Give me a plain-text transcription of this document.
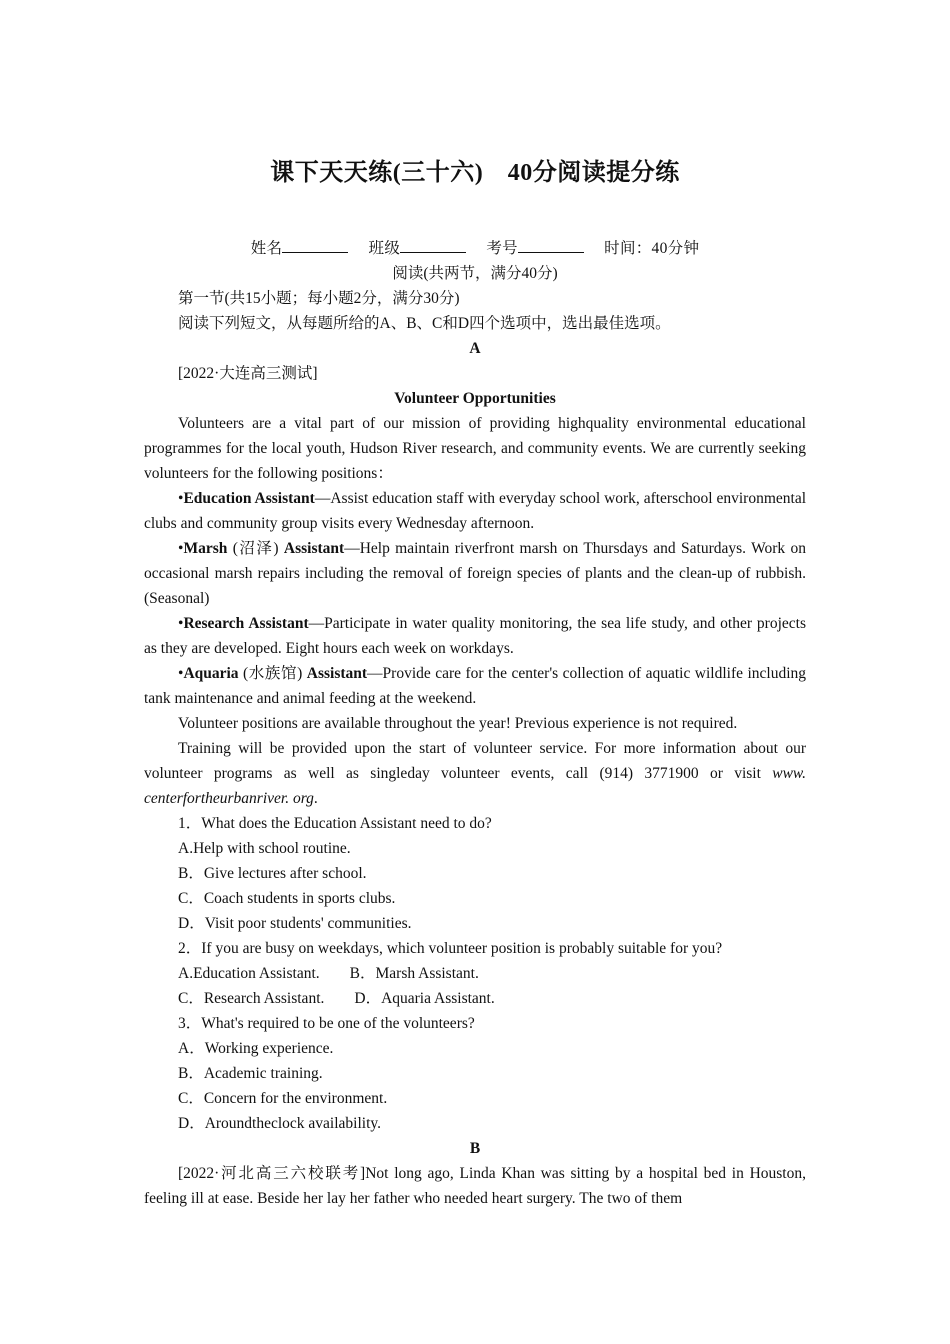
课下天天练(三十六)　40分阅读提分练

姓名	班级	考号	时间：40分钟

阅读(共两节，满分40分)

第一节(共15小题；每小题2分，满分30分)

阅读下列短文，从每题所给的A、B、C和D四个选项中，选出最佳选项。

A

[2022·大连高三测试]

Volunteer Opportunities

Volunteers are a vital part of our mission of providing highquality environmental educational programmes for the local youth, Hudson River research, and community events. We are currently seeking volunteers for the following positions：

•Education Assistant—Assist education staff with everyday school work, afterschool environmental clubs and community group visits every Wednesday afternoon.

•Marsh (沼泽) Assistant—Help maintain riverfront marsh on Thursdays and Saturdays. Work on occasional marsh repairs including the removal of foreign species of plants and the clean-up of rubbish. (Seasonal)

•Research Assistant—Participate in water quality monitoring, the sea life study, and other projects as they are developed. Eight hours each week on workdays.

•Aquaria (水族馆) Assistant—Provide care for the center's collection of aquatic wildlife including tank maintenance and animal feeding at the weekend.

Volunteer positions are available throughout the year! Previous experience is not required.

Training will be provided upon the start of volunteer service. For more information about our volunteer programs as well as singleday volunteer events, call (914) 3771900 or visit www. centerfortheurbanriver. org.

1．What does the Education Assistant need to do?

A.Help with school routine.

B．Give lectures after school.

C．Coach students in sports clubs.

D．Visit poor students' communities.

2．If you are busy on weekdays, which volunteer position is probably suitable for you?

A.Education Assistant. B．Marsh Assistant.

C．Research Assistant. D．Aquaria Assistant.

3．What's required to be one of the volunteers?

A．Working experience.

B．Academic training.

C．Concern for the environment.

D．Aroundtheclock availability.

B

[2022·河北高三六校联考]Not long ago, Linda Khan was sitting by a hospital bed in Houston, feeling ill at ease. Beside her lay her father who needed heart surgery. The two of them
